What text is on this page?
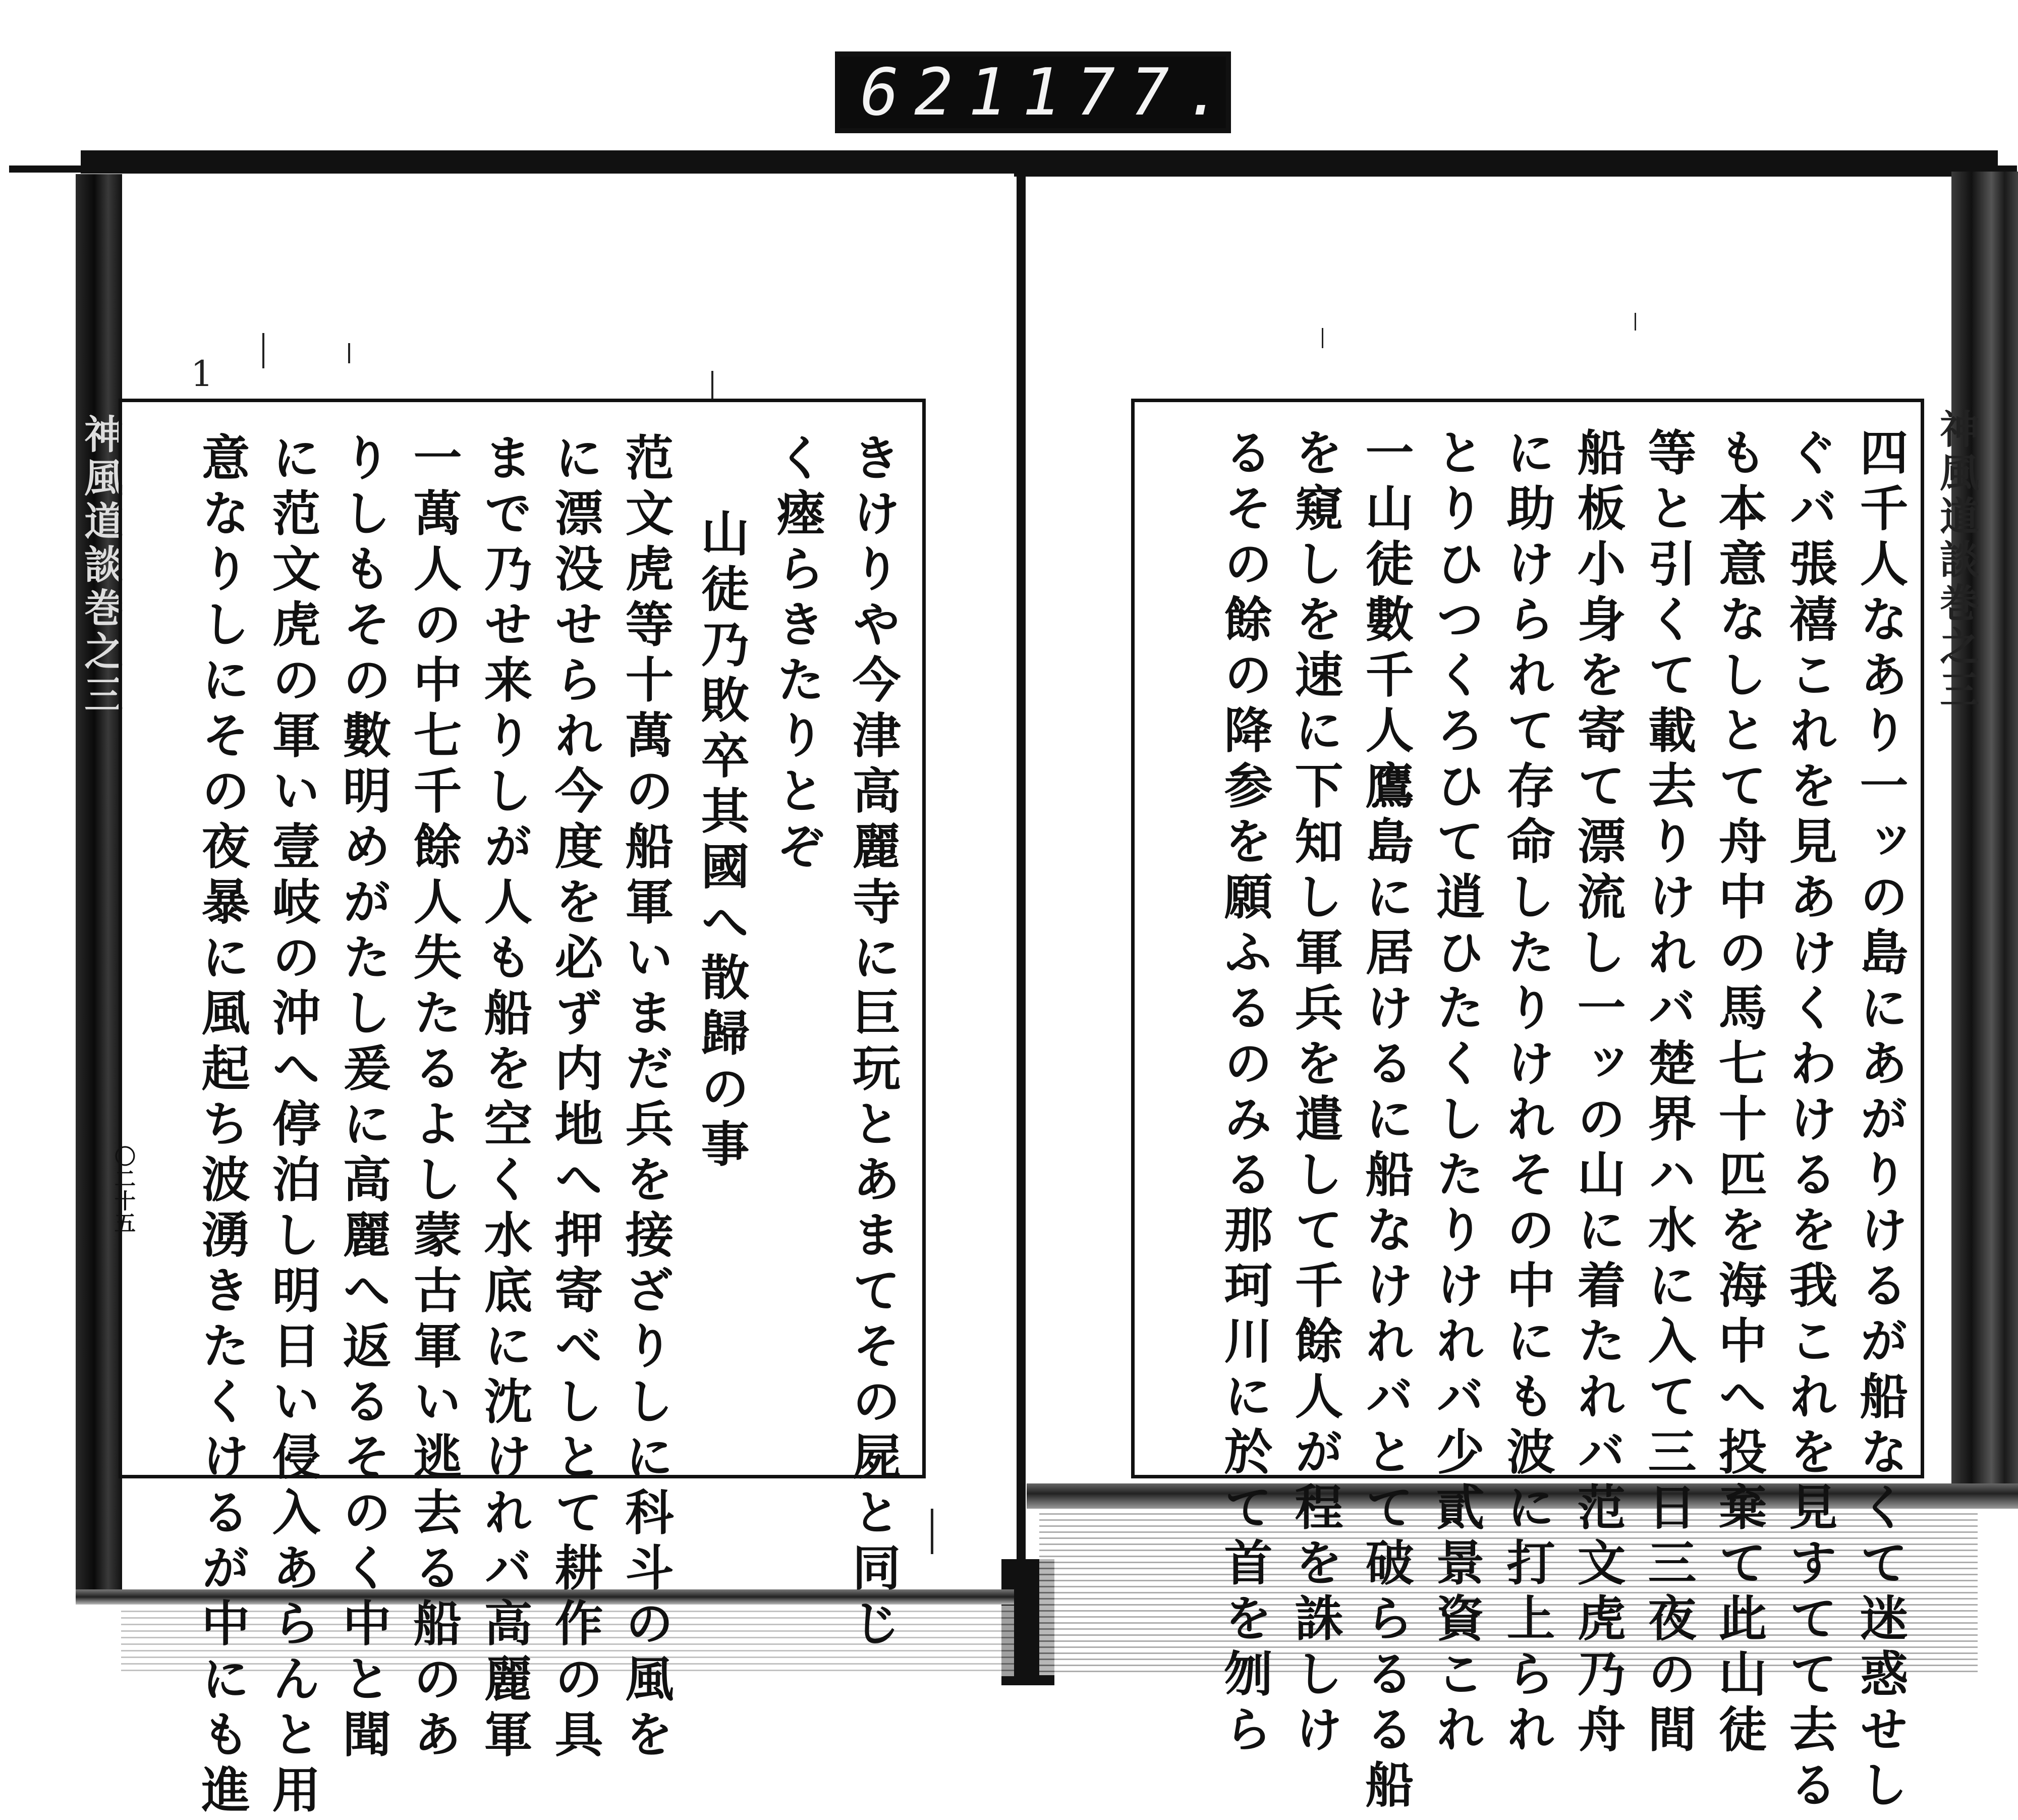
621 177.
1
神風道談巻之三
〇二十五
神風道談巻之三
きけりや今津高麗寺に巨玩とあまてその屍と同じ
く瘞らきたりとぞ
山徒乃敗卒其國へ散歸の事
范文虎等十萬の船軍いまだ兵を接ざりしに科斗の風を
に漂没せられ今度を必ず内地へ押寄べしとて耕作の具
まで乃せ来りしが人も船を空く水底に沈けれバ高麗軍
一萬人の中七千餘人失たるよし蒙古軍い逃去る船のあ
りしもその數明めがたし爰に高麗へ返るそのく中と聞
に范文虎の軍い壹岐の沖へ停泊し明日い侵入あらんと用
意なりしにその夜暴に風起ち波湧きたくけるが中にも進	四千人なあり一ッの島にあがりけるが船なくて迷惑せし
ぐバ張禧これを見あけくわけるを我これを見すてて去る
も本意なしとて舟中の馬七十匹を海中へ投棄て此山徒
等と引くて載去りけれバ楚界ハ水に入て三日三夜の間
船板小身を寄て漂流し一ッの山に着たれバ范文虎乃舟
に助けられて存命したりけれその中にも波に打上られ
とりひつくろひて逍ひたくしたりけれバ少貳景資これ
一山徒數千人鷹島に居けるに船なけれバとて破らるる船
を窺しを速に下知し軍兵を遣して千餘人が程を誅しけ
るその餘の降参を願ふるのみる那珂川に於て首を刎ら
